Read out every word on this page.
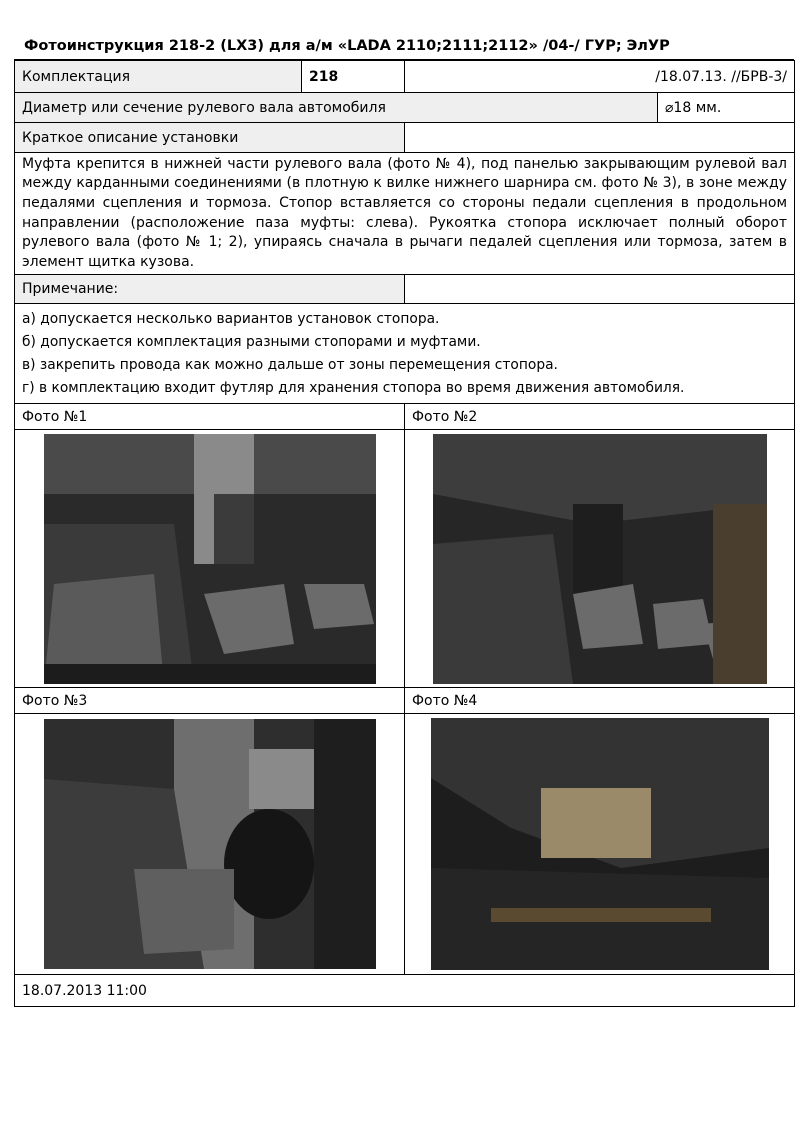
Фотоинструкция 218-2 (LX3) для а/м «LADA 2110;2111;2112» /04-/ ГУР; ЭлУР
Комплектация	218	/18.07.13. //БРВ-3/	
Диаметр или сечение рулевого вала автомобиля			⌀18 мм.
Краткое описание установки			
Муфта крепится в нижней части рулевого вала (фото № 4), под панелью закрывающим рулевой вал между карданными соединениями (в плотную к вилке нижнего шарнира см. фото № 3), в зоне между педалями сцепления и тормоза. Стопор вставляется со стороны педали сцепления в продольном направлении (расположение паза муфты: слева). Рукоятка стопора исключает полный оборот рулевого вала (фото № 1; 2), упираясь сначала в рычаги педалей сцепления или тормоза, затем в элемент щитка кузова.			
Примечание:			

а) допускается несколько вариантов установок стопора.
б) допускается комплектация разными стопорами и муфтами.
в) закрепить провода как можно дальше от зоны перемещения стопора.
г) в комплектацию входит футляр для хранения стопора во время движения автомобиля.			

Фото №1		Фото №2	

Фото №3		Фото №4	

18.07.2013 11:00			
